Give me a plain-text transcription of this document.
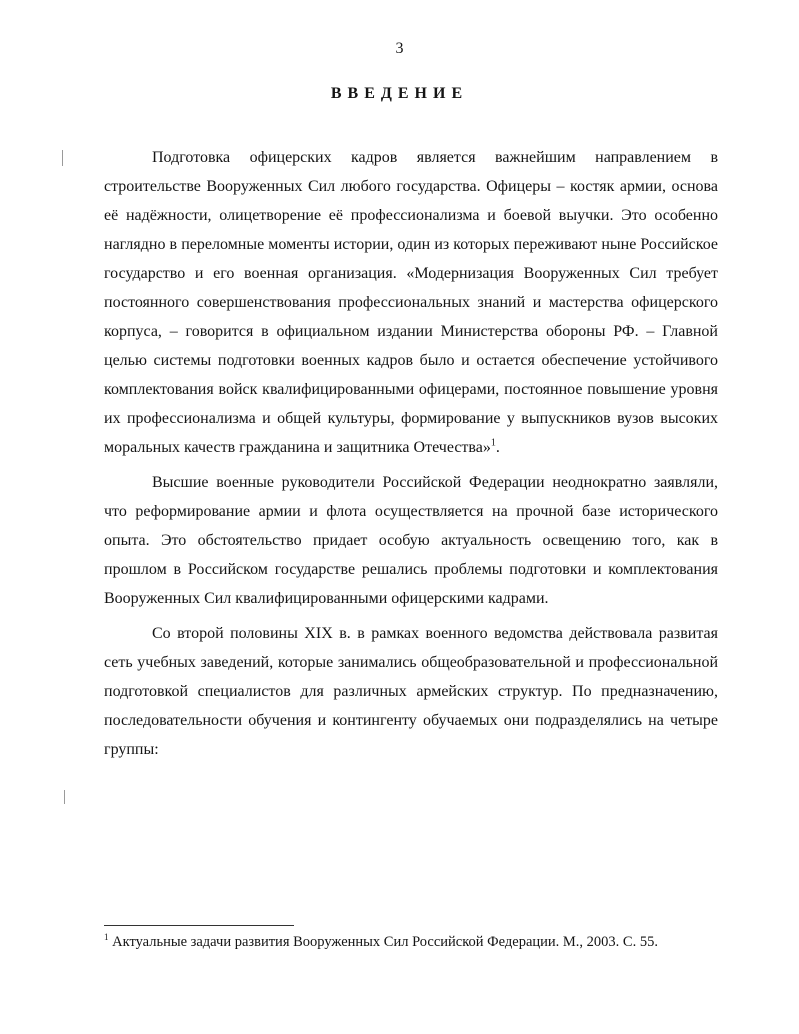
3
ВВЕДЕНИЕ

Подготовка офицерских кадров является важнейшим направлением в строительстве Вооруженных Сил любого государства. Офицеры – костяк армии, основа её надёжности, олицетворение её профессионализма и боевой выучки. Это особенно наглядно в переломные моменты истории, один из которых переживают ныне Российское государство и его военная организация. «Модернизация Вооруженных Сил требует постоянного совершенствования профессиональных знаний и мастерства офицерского корпуса, – говорится в официальном издании Министерства обороны РФ. – Главной целью системы подготовки военных кадров было и остается обеспечение устойчивого комплектования войск квалифицированными офицерами, постоянное повышение уровня их профессионализма и общей культуры, формирование у выпускников вузов высоких моральных качеств гражданина и защитника Отечества»$^1$.

Высшие военные руководители Российской Федерации неоднократно заявляли, что реформирование армии и флота осуществляется на прочной базе исторического опыта. Это обстоятельство придает особую актуальность освещению того, как в прошлом в Российском государстве решались проблемы подготовки и комплектования Вооруженных Сил квалифицированными офицерскими кадрами.

Со второй половины XIX в. в рамках военного ведомства действовала развитая сеть учебных заведений, которые занимались общеобразовательной и профессиональной подготовкой специалистов для различных армейских структур. По предназначению, последовательности обучения и контингенту обучаемых они подразделялись на четыре группы:

$^1$ Актуальные задачи развития Вооруженных Сил Российской Федерации. М., 2003. С. 55.
